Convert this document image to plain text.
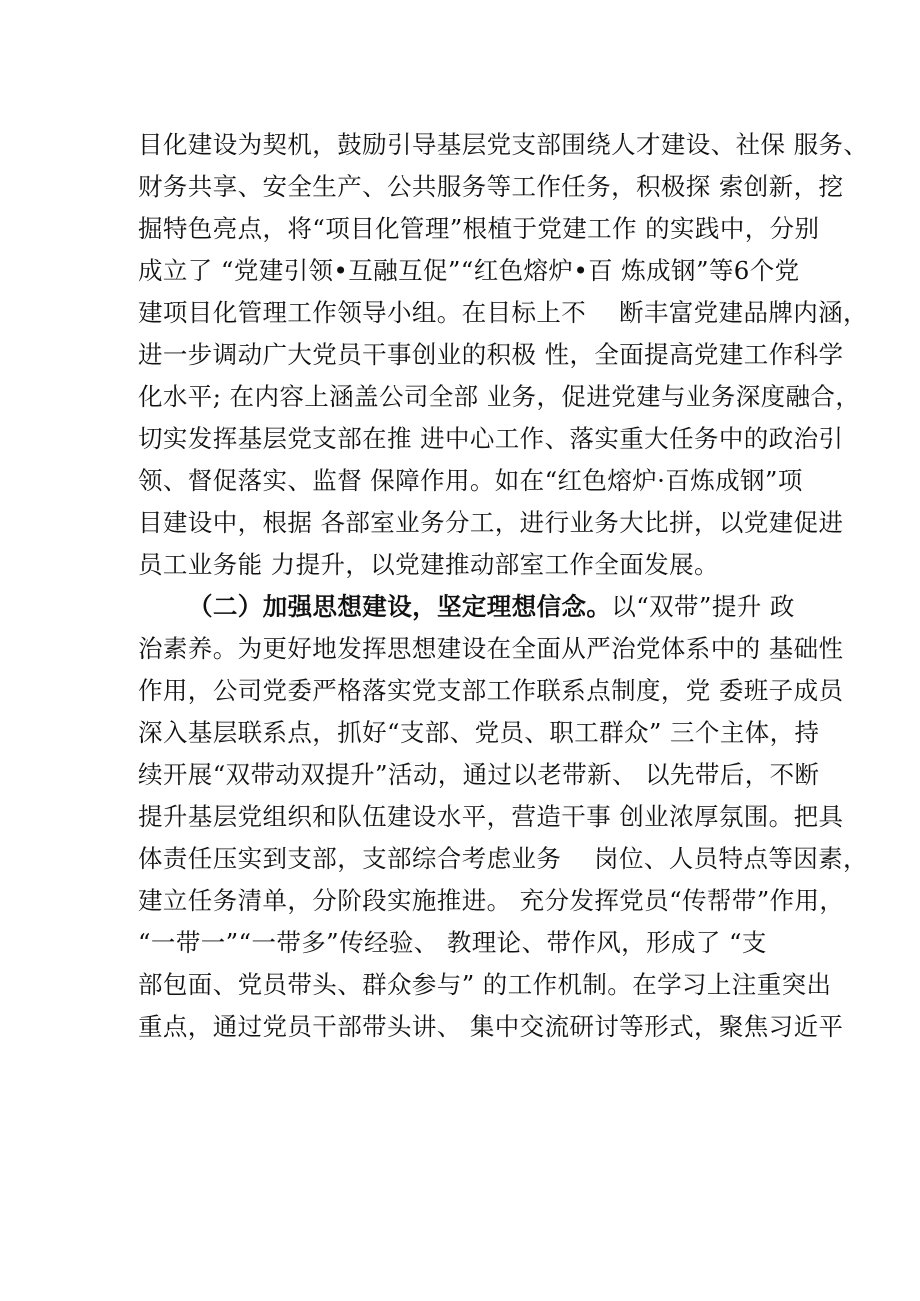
目化建设为契机，鼓励引导基层党支部围绕人才建设、社保 服务、
财务共享、安全生产、公共服务等工作任务，积极探 索创新，挖
掘特色亮点，将“项目化管理”根植于党建工作 的实践中，分别
成立了 “党建引领•互融互促”“红色熔炉•百 炼成钢”等6个党
建项目化管理工作领导小组。在目标上不    断丰富党建品牌内涵，
进一步调动广大党员干事创业的积极 性，全面提高党建工作科学
化水平; 在内容上涵盖公司全部 业务，促进党建与业务深度融合，
切实发挥基层党支部在推 进中心工作、落实重大任务中的政治引
领、督促落实、监督 保障作用。如在“红色熔炉·百炼成钢”项
目建设中，根据 各部室业务分工，进行业务大比拼，以党建促进
员工业务能 力提升，以党建推动部室工作全面发展。
（二）加强思想建设，坚定理想信念。以“双带”提升 政
治素养。为更好地发挥思想建设在全面从严治党体系中的 基础性
作用，公司党委严格落实党支部工作联系点制度，党 委班子成员
深入基层联系点，抓好“支部、党员、职工群众” 三个主体，持
续开展“双带动双提升”活动，通过以老带新、 以先带后，不断
提升基层党组织和队伍建设水平，营造干事 创业浓厚氛围。把具
体责任压实到支部，支部综合考虑业务    岗位、人员特点等因素，
建立任务清单，分阶段实施推进。 充分发挥党员“传帮带”作用，
“一带一”“一带多”传经验、 教理论、带作风，形成了 “支
部包面、党员带头、群众参与” 的工作机制。在学习上注重突出
重点，通过党员干部带头讲、 集中交流研讨等形式，聚焦习近平
